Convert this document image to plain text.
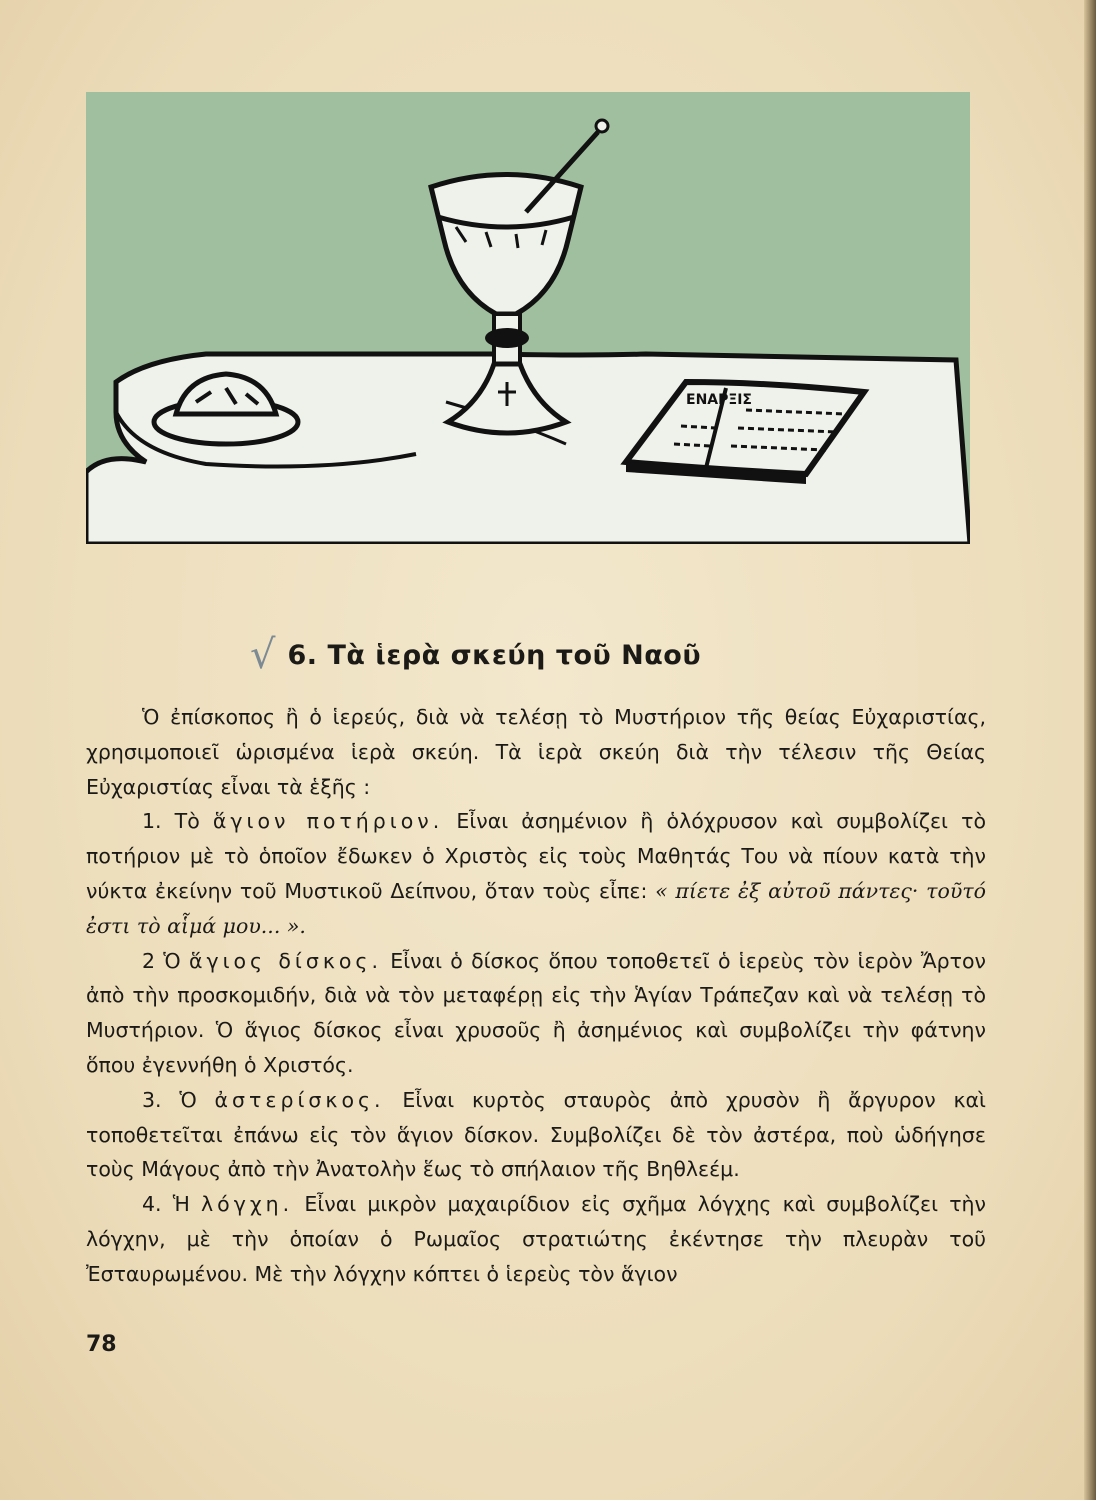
ΕΝΑΡΞΙΣ
√ 6. Τὰ ἱερὰ σκεύη τοῦ Ναοῦ

Ὁ ἐπίσκοπος ἢ ὁ ἱερεύς, διὰ νὰ τελέσῃ τὸ Μυστήριον τῆς θείας Εὐχαριστίας, χρησιμοποιεῖ ὡρισμένα ἱερὰ σκεύη. Τὰ ἱερὰ σκεύη διὰ τὴν τέλεσιν τῆς Θείας Εὐχαριστίας εἶναι τὰ ἑξῆς :

1. Τὸ ἅγιον ποτήριον. Εἶναι ἀσημένιον ἢ ὁλόχρυσον καὶ συμβολίζει τὸ ποτήριον μὲ τὸ ὁποῖον ἔδωκεν ὁ Χριστὸς εἰς τοὺς Μαθητάς Του νὰ πίουν κατὰ τὴν νύκτα ἐκείνην τοῦ Μυστικοῦ Δείπνου, ὅταν τοὺς εἶπε: « πίετε ἐξ αὐτοῦ πάντες· τοῦτό ἐστι τὸ αἷμά μου... ».

2 Ὁ ἅγιος δίσκος. Εἶναι ὁ δίσκος ὅπου τοποθετεῖ ὁ ἱερεὺς τὸν ἱερὸν Ἄρτον ἀπὸ τὴν προσκομιδήν, διὰ νὰ τὸν μεταφέρῃ εἰς τὴν Ἁγίαν Τράπεζαν καὶ νὰ τελέσῃ τὸ Μυστήριον. Ὁ ἅγιος δίσκος εἶναι χρυσοῦς ἢ ἀσημένιος καὶ συμβολίζει τὴν φάτνην ὅπου ἐγεννήθη ὁ Χριστός.

3. Ὁ ἀστερίσκος. Εἶναι κυρτὸς σταυρὸς ἀπὸ χρυσὸν ἢ ἄργυρον καὶ τοποθετεῖται ἐπάνω εἰς τὸν ἅγιον δίσκον. Συμβολίζει δὲ τὸν ἀστέρα, ποὺ ὡδήγησε τοὺς Μάγους ἀπὸ τὴν Ἀνατολὴν ἕως τὸ σπήλαιον τῆς Βηθλεέμ.

4. Ἡ λόγχη. Εἶναι μικρὸν μαχαιρίδιον εἰς σχῆμα λόγχης καὶ συμβολίζει τὴν λόγχην, μὲ τὴν ὁποίαν ὁ Ρωμαῖος στρατιώτης ἐκέντησε τὴν πλευρὰν τοῦ Ἐσταυρωμένου. Μὲ τὴν λόγχην κόπτει ὁ ἱερεὺς τὸν ἅγιον

78
